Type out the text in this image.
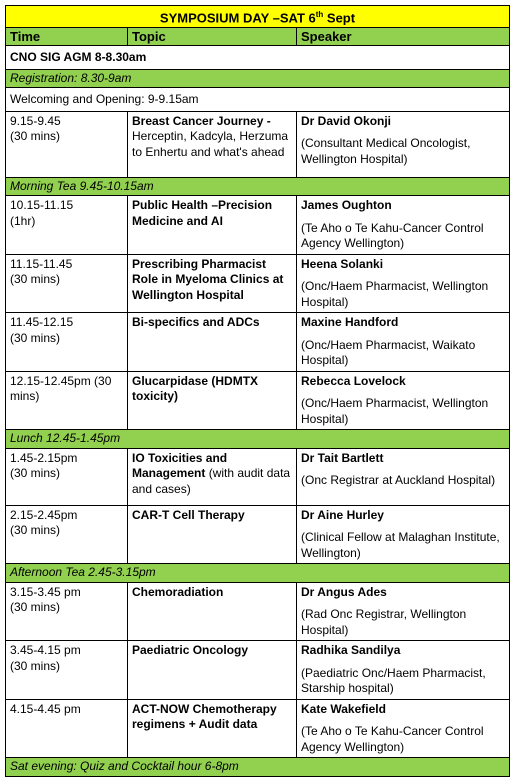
SYMPOSIUM DAY –SAT 6th Sept		
Time	Topic	Speaker
CNO SIG AGM 8-8.30am		
Registration: 8.30-9am		
Welcoming and Opening: 9-9.15am		
9.15-9.45
(30 mins)	Breast Cancer Journey - Herceptin, Kadcyla, Herzuma to Enhertu and what's ahead	Dr David Okonji
(Consultant Medical Oncologist, Wellington Hospital)

Morning Tea 9.45-10.15am		
10.15-11.15
(1hr)	Public Health –Precision Medicine and AI	James Oughton
(Te Aho o Te Kahu-Cancer Control Agency Wellington)

11.15-11.45
(30 mins)	Prescribing Pharmacist Role in Myeloma Clinics at Wellington Hospital	Heena Solanki
(Onc/Haem Pharmacist, Wellington Hospital)

11.45-12.15
(30 mins)	Bi-specifics and ADCs	Maxine Handford
(Onc/Haem Pharmacist, Waikato Hospital)

12.15-12.45pm (30 mins)	Glucarpidase (HDMTX toxicity)	Rebecca Lovelock
(Onc/Haem Pharmacist, Wellington Hospital)

Lunch 12.45-1.45pm		
1.45-2.15pm
(30 mins)	IO Toxicities and Management (with audit data and cases)	Dr Tait Bartlett
(Onc Registrar at Auckland Hospital)

2.15-2.45pm
(30 mins)	CAR-T Cell Therapy	Dr Aine Hurley
(Clinical Fellow at Malaghan Institute, Wellington)

Afternoon Tea 2.45-3.15pm		
3.15-3.45 pm
(30 mins)	Chemoradiation	Dr Angus Ades
(Rad Onc Registrar, Wellington Hospital)

3.45-4.15 pm
(30 mins)	Paediatric Oncology	Radhika Sandilya
(Paediatric Onc/Haem Pharmacist, Starship hospital)

4.15-4.45 pm	ACT-NOW Chemotherapy regimens + Audit data	Kate Wakefield
(Te Aho o Te Kahu-Cancer Control Agency Wellington)

Sat evening: Quiz and Cocktail hour 6-8pm		
